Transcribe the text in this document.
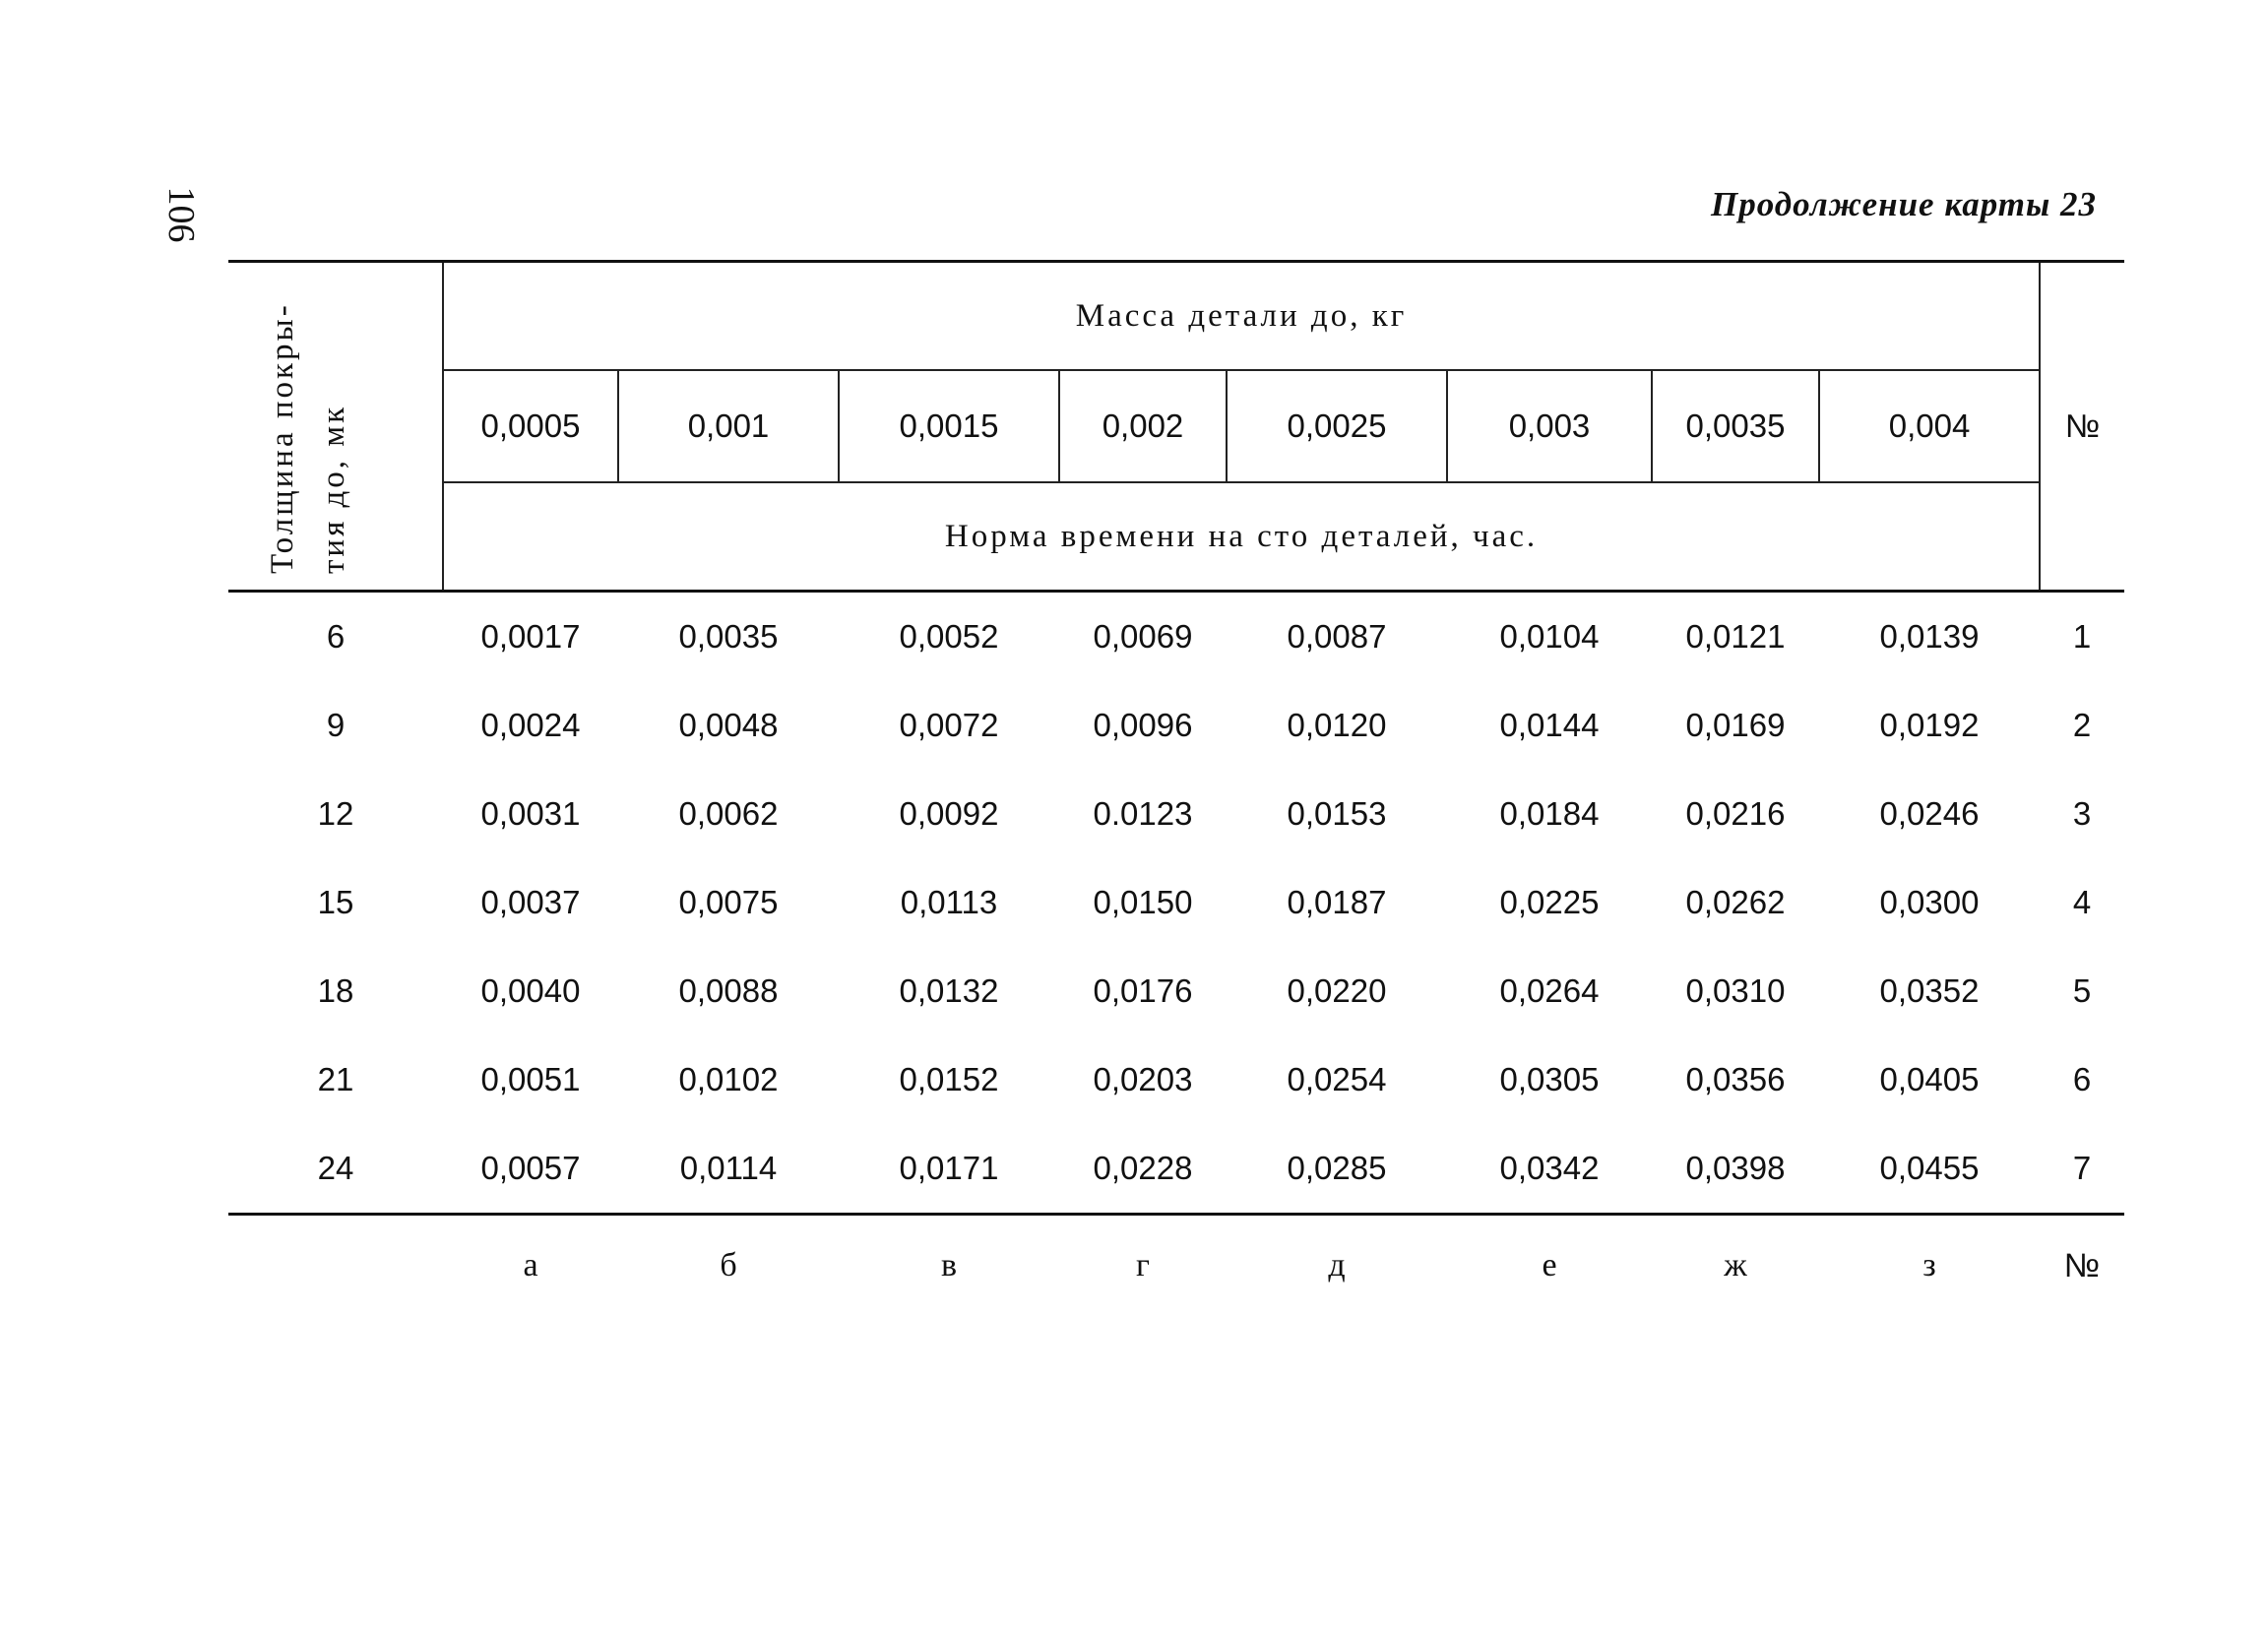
106	Продолжение карты 23
Толщина покры- тия до, мк	Масса детали до, кг								№
	0,0005	0,001	0,0015	0,002	0,0025	0,003	0,0035	0,004	
	Норма времени на сто деталей, час.								
6	0,0017	0,0035	0,0052	0,0069	0,0087	0,0104	0,0121	0,0139	1
9	0,0024	0,0048	0,0072	0,0096	0,0120	0,0144	0,0169	0,0192	2
12	0,0031	0,0062	0,0092	0.0123	0,0153	0,0184	0,0216	0,0246	3
15	0,0037	0,0075	0,0113	0,0150	0,0187	0,0225	0,0262	0,0300	4
18	0,0040	0,0088	0,0132	0,0176	0,0220	0,0264	0,0310	0,0352	5
21	0,0051	0,0102	0,0152	0,0203	0,0254	0,0305	0,0356	0,0405	6
24	0,0057	0,0114	0,0171	0,0228	0,0285	0,0342	0,0398	0,0455	7
	а	б	в	г	д	е	ж	з	№
